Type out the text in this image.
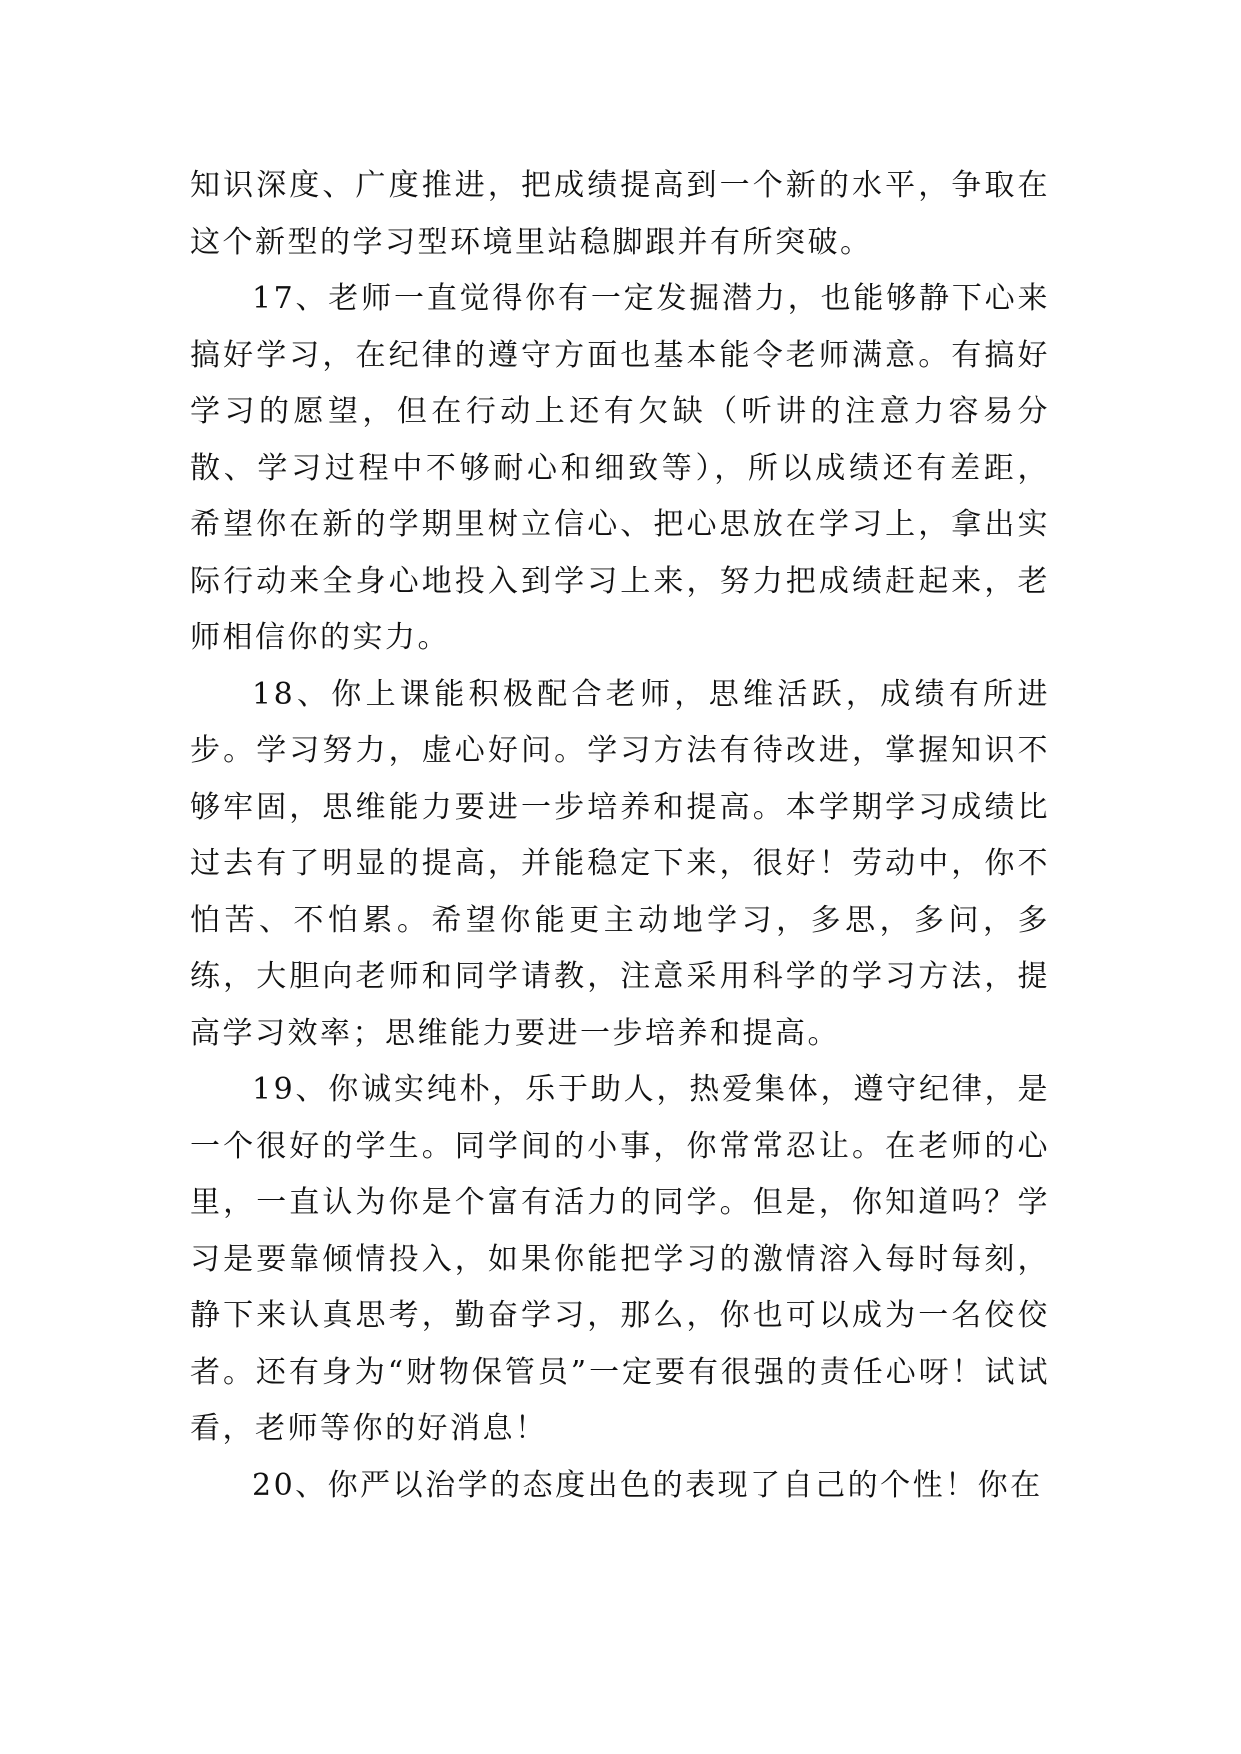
知识深度、广度推进，把成绩提高到一个新的水平，争取在这个新型的学习型环境里站稳脚跟并有所突破。

17、老师一直觉得你有一定发掘潜力，也能够静下心来搞好学习，在纪律的遵守方面也基本能令老师满意。有搞好学习的愿望，但在行动上还有欠缺（听讲的注意力容易分散、学习过程中不够耐心和细致等），所以成绩还有差距，希望你在新的学期里树立信心、把心思放在学习上，拿出实际行动来全身心地投入到学习上来，努力把成绩赶起来，老师相信你的实力。

18、你上课能积极配合老师，思维活跃，成绩有所进步。学习努力，虚心好问。学习方法有待改进，掌握知识不够牢固，思维能力要进一步培养和提高。本学期学习成绩比过去有了明显的提高，并能稳定下来，很好！劳动中，你不怕苦、不怕累。希望你能更主动地学习，多思，多问，多练，大胆向老师和同学请教，注意采用科学的学习方法，提高学习效率；思维能力要进一步培养和提高。

19、你诚实纯朴，乐于助人，热爱集体，遵守纪律，是一个很好的学生。同学间的小事，你常常忍让。在老师的心里，一直认为你是个富有活力的同学。但是，你知道吗？学习是要靠倾情投入，如果你能把学习的激情溶入每时每刻，静下来认真思考，勤奋学习，那么，你也可以成为一名佼佼者。还有身为“财物保管员”一定要有很强的责任心呀！试试看，老师等你的好消息！

20、你严以治学的态度出色的表现了自己的个性！你在
